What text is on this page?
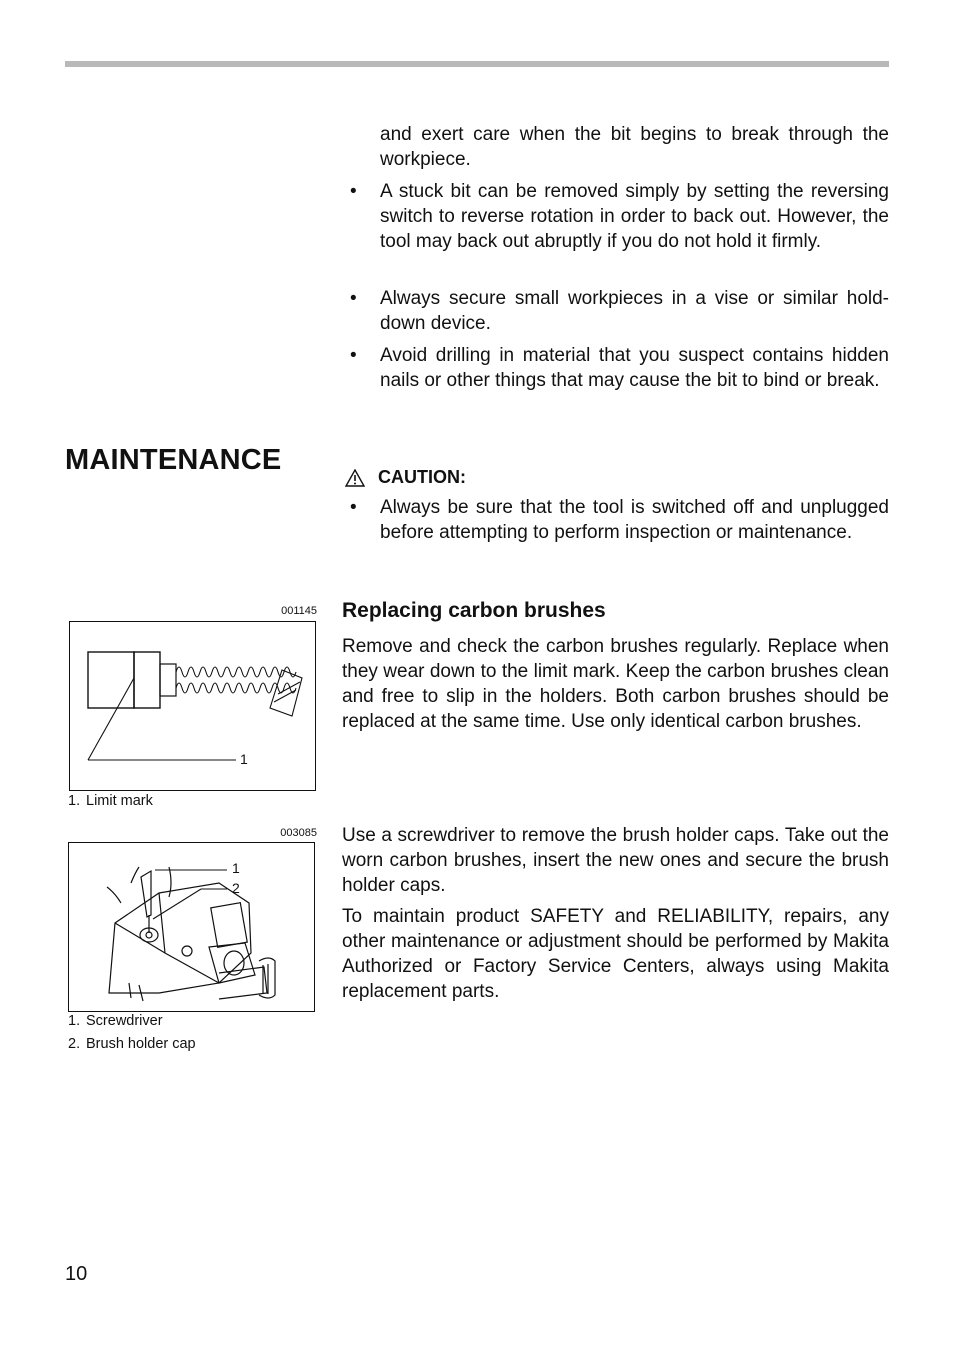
and exert care when the bit begins to break through the workpiece.

•	A stuck bit can be removed simply by setting the reversing switch to reverse rotation in order to back out. However, the tool may back out abruptly if you do not hold it firmly.
•	Always secure small workpieces in a vise or similar hold-down device.
•	Avoid drilling in material that you suspect contains hidden nails or other things that may cause the bit to bind or break.
MAINTENANCE
CAUTION:
•	Always be sure that the tool is switched off and unplugged before attempting to perform inspection or maintenance.
Replacing carbon brushes

Remove and check the carbon brushes regularly. Replace when they wear down to the limit mark. Keep the carbon brushes clean and free to slip in the holders. Both carbon brushes should be replaced at the same time. Use only identical carbon brushes.

Use a screwdriver to remove the brush holder caps. Take out the worn carbon brushes, insert the new ones and secure the brush holder caps.

To maintain product SAFETY and RELIABILITY, repairs, any other maintenance or adjustment should be performed by Makita Authorized or Factory Service Centers, always using Makita replacement parts.

001145
1
1. Limit mark
003085
1
2
1. Screwdriver
2. Brush holder cap
10
